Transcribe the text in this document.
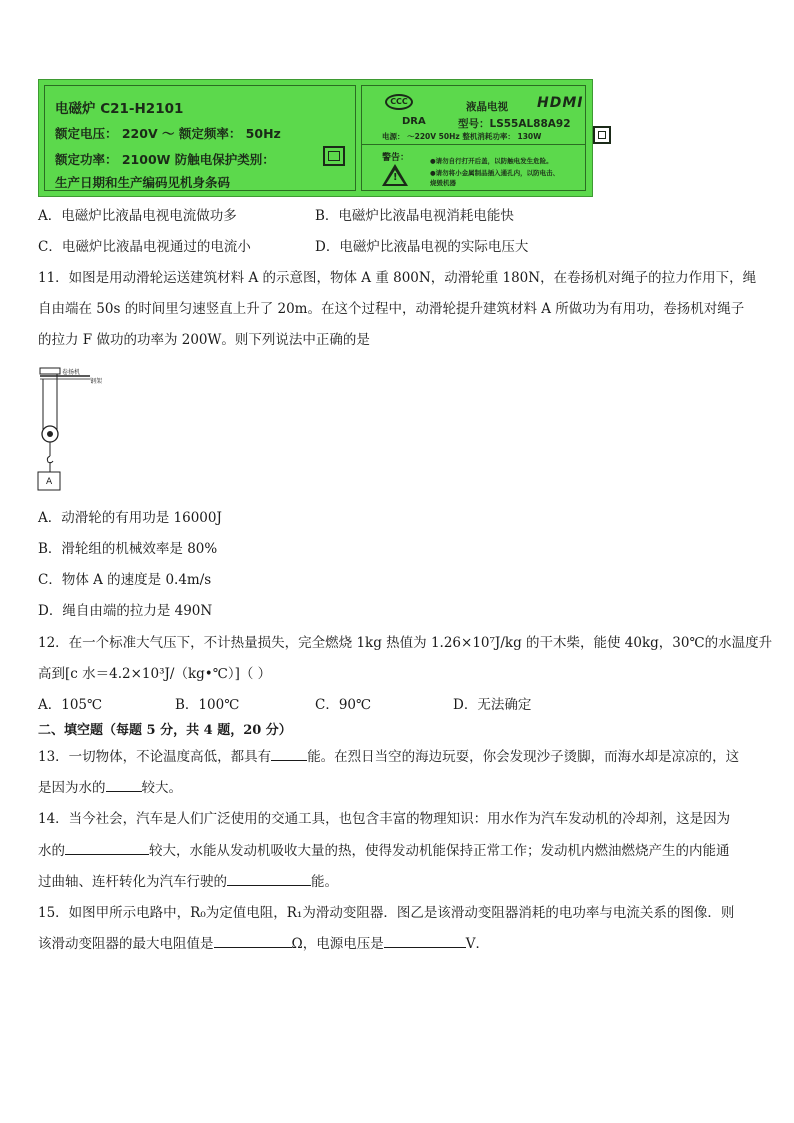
电磁炉 C21-H2101
额定电压： 220V ～ 额定频率： 50Hz
额定功率： 2100W 防触电保护类别：
生产日期和生产编码见机身条码
CCC	液晶电视 HDMI
DRA	型号：LS55AL88A92
电源： ～220V 50Hz 整机消耗功率： 130W
警告：
!
●请勿自行打开后盖，以防触电发生危险。
●请勿将小金属制品插入通孔内，以防电击、
烧毁机器
A．电磁炉比液晶电视电流做功多	B．电磁炉比液晶电视消耗电能快
C．电磁炉比液晶电视通过的电流小	D．电磁炉比液晶电视的实际电压大
11．如图是用动滑轮运送建筑材料 A 的示意图，物体 A 重 800N，动滑轮重 180N，在卷扬机对绳子的拉力作用下，绳
自由端在 50s 的时间里匀速竖直上升了 20m。在这个过程中，动滑轮提升建筑材料 A 所做功为有用功，卷扬机对绳子
的拉力 F 做功的功率为 200W。则下列说法中正确的是
卷扬机
钢架
A
A．动滑轮的有用功是 16000J
B．滑轮组的机械效率是 80%
C．物体 A 的速度是 0.4m/s
D．绳自由端的拉力是 490N
12．在一个标准大气压下，不计热量损失，完全燃烧 1kg 热值为 1.26×10⁷J/kg 的干木柴，能使 40kg，30℃的水温度升
高到[c 水＝4.2×10³J/（kg•℃）]（ ）
A．105℃	B．100℃	C．90℃	D．无法确定
二、填空题（每题 5 分，共 4 题，20 分）
13．一切物体，不论温度高低，都具有	能。在烈日当空的海边玩耍，你会发现沙子烫脚，而海水却是凉凉的，这
是因为水的	较大。
14．当今社会，汽车是人们广泛使用的交通工具，也包含丰富的物理知识：用水作为汽车发动机的冷却剂，这是因为
水的	较大，水能从发动机吸收大量的热，使得发动机能保持正常工作；发动机内燃油燃烧产生的内能通
过曲轴、连杆转化为汽车行驶的	能。
15．如图甲所示电路中，R₀为定值电阻，R₁为滑动变阻器．图乙是该滑动变阻器消耗的电功率与电流关系的图像．则
该滑动变阻器的最大电阻值是	Ω，电源电压是	V．
